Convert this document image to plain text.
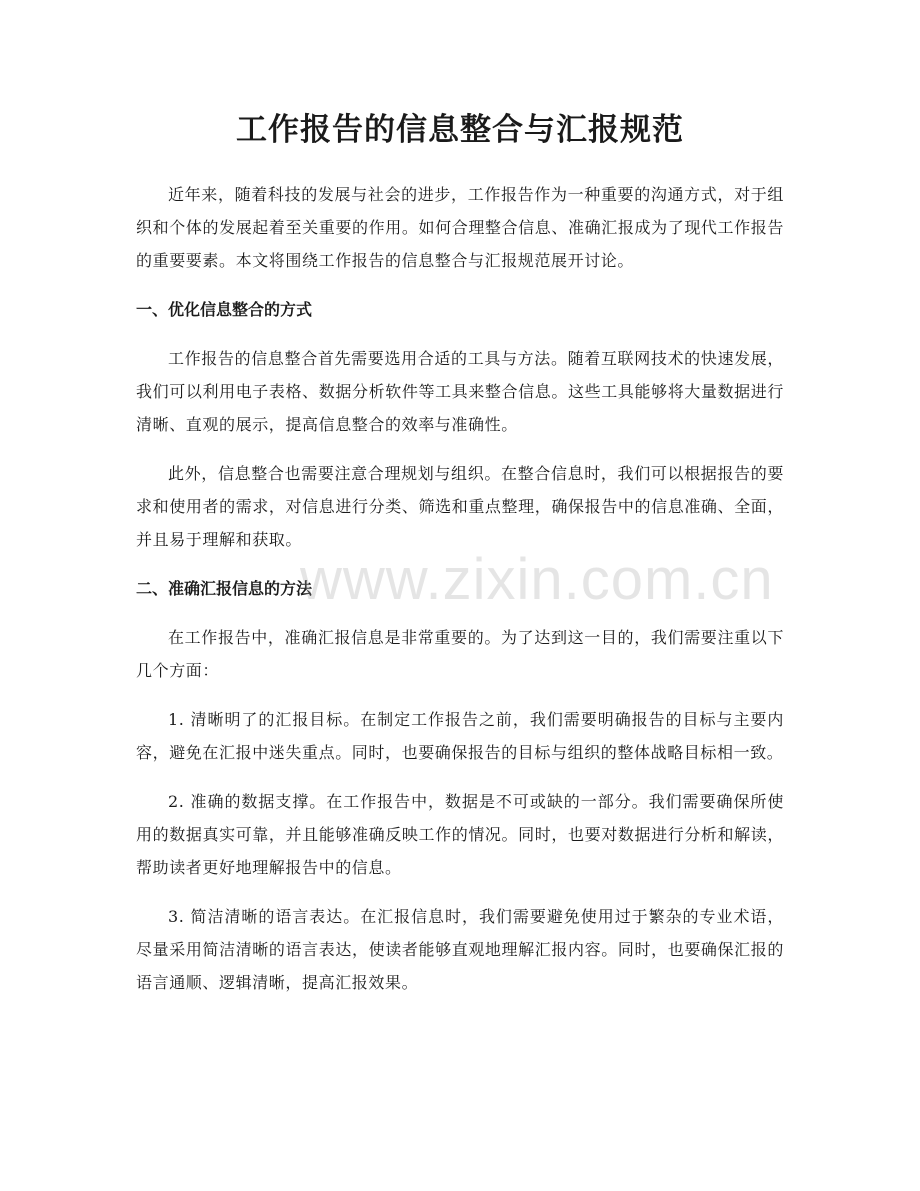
工作报告的信息整合与汇报规范

近年来，随着科技的发展与社会的进步，工作报告作为一种重要的沟通方式，对于组织和个体的发展起着至关重要的作用。如何合理整合信息、准确汇报成为了现代工作报告的重要要素。本文将围绕工作报告的信息整合与汇报规范展开讨论。

一、优化信息整合的方式

工作报告的信息整合首先需要选用合适的工具与方法。随着互联网技术的快速发展，我们可以利用电子表格、数据分析软件等工具来整合信息。这些工具能够将大量数据进行清晰、直观的展示，提高信息整合的效率与准确性。

此外，信息整合也需要注意合理规划与组织。在整合信息时，我们可以根据报告的要求和使用者的需求，对信息进行分类、筛选和重点整理，确保报告中的信息准确、全面，并且易于理解和获取。

二、准确汇报信息的方法

在工作报告中，准确汇报信息是非常重要的。为了达到这一目的，我们需要注重以下几个方面：

1. 清晰明了的汇报目标。在制定工作报告之前，我们需要明确报告的目标与主要内容，避免在汇报中迷失重点。同时，也要确保报告的目标与组织的整体战略目标相一致。

2. 准确的数据支撑。在工作报告中，数据是不可或缺的一部分。我们需要确保所使用的数据真实可靠，并且能够准确反映工作的情况。同时，也要对数据进行分析和解读，帮助读者更好地理解报告中的信息。

3. 简洁清晰的语言表达。在汇报信息时，我们需要避免使用过于繁杂的专业术语，尽量采用简洁清晰的语言表达，使读者能够直观地理解汇报内容。同时，也要确保汇报的语言通顺、逻辑清晰，提高汇报效果。

www.zixin.com.cn
